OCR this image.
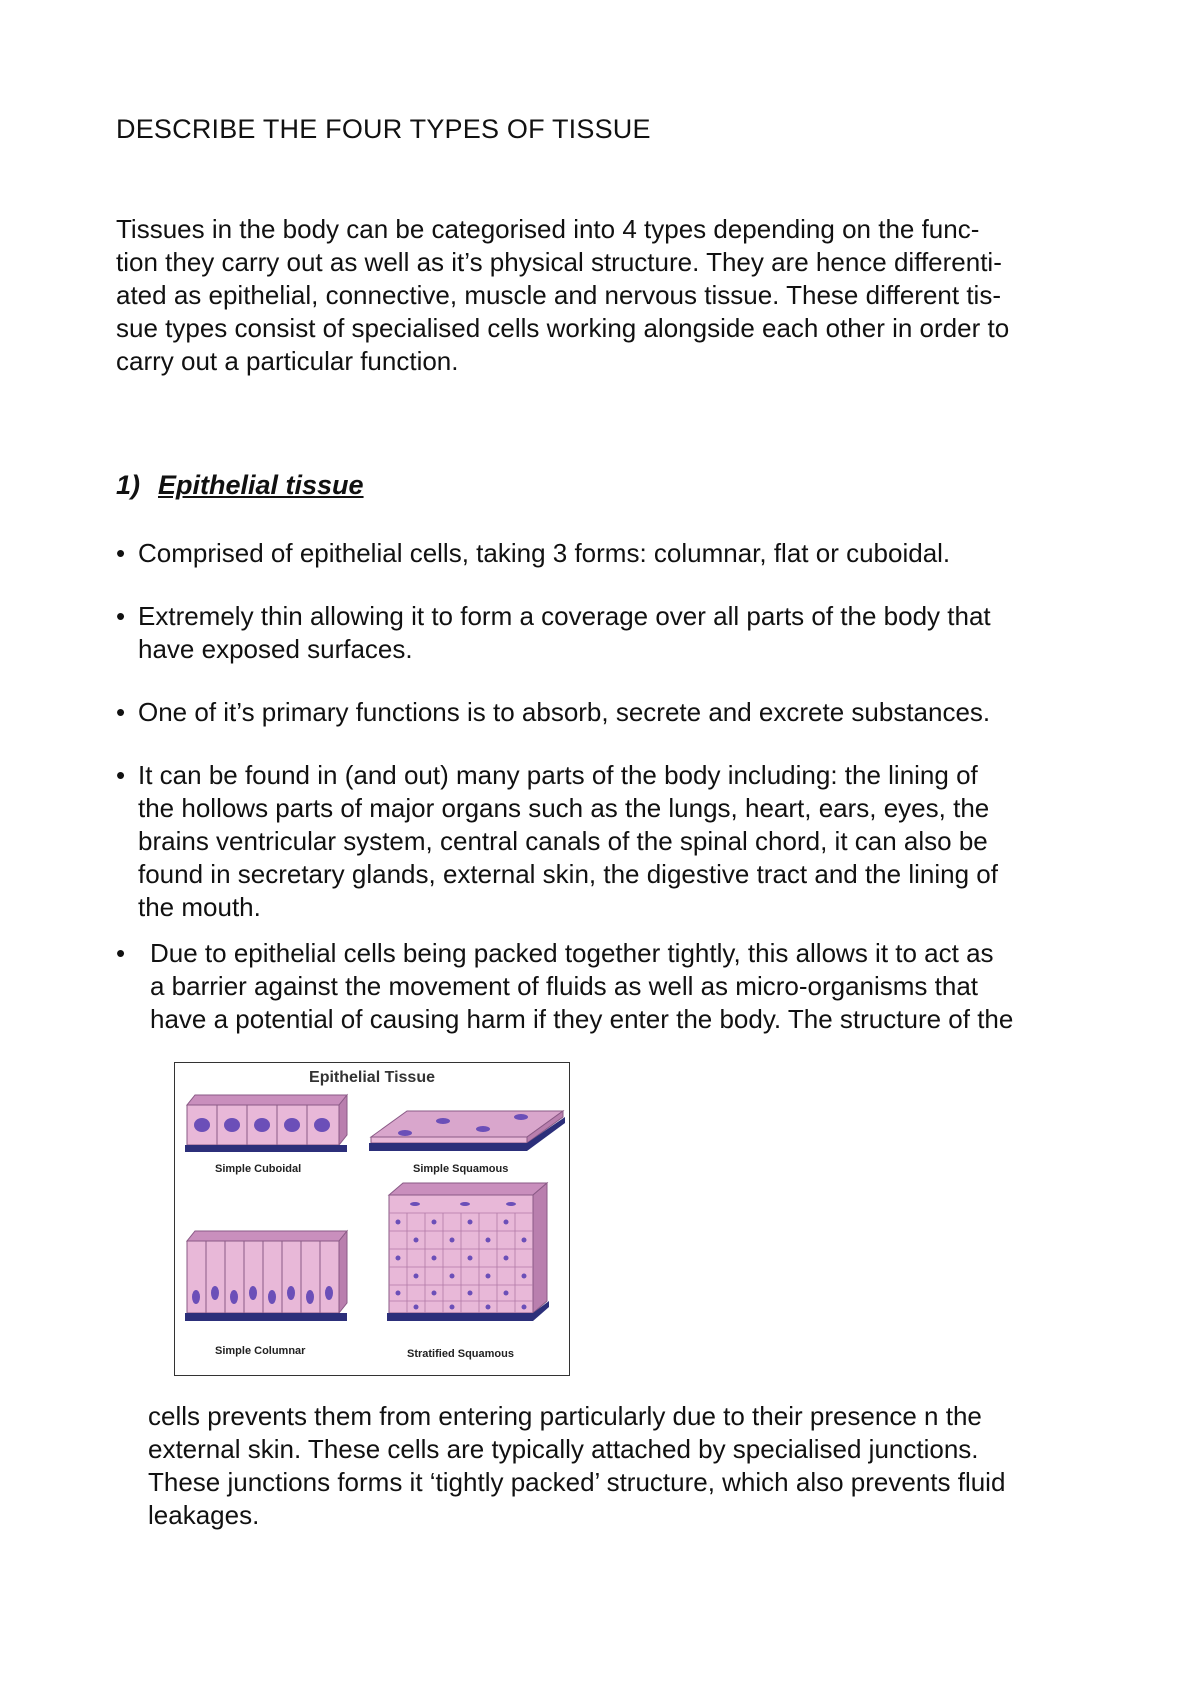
DESCRIBE THE FOUR TYPES OF TISSUE
Tissues in the body can be categorised into 4 types depending on the func-
tion they carry out as well as it’s physical structure. They are hence differenti-
ated as epithelial, connective, muscle and nervous tissue. These different tis-
sue types consist of specialised cells working alongside each other in order to
carry out a particular function.
1) Epithelial tissue
• Comprised of epithelial cells, taking 3 forms: columnar, flat or cuboidal.
• Extremely thin allowing it to form a coverage over all parts of the body that
have exposed surfaces.
• One of it’s primary functions is to absorb, secrete and excrete substances.
• It can be found in (and out) many parts of the body including: the lining of
the hollows parts of major organs such as the lungs, heart, ears, eyes, the
brains ventricular system, central canals of the spinal chord, it can also be
found in secretary glands, external skin, the digestive tract and the lining of
the mouth.
• Due to epithelial cells being packed together tightly, this allows it to act as
a barrier against the movement of fluids as well as micro-organisms that
have a potential of causing harm if they enter the body. The structure of the
Epithelial Tissue
Simple Cuboidal	Simple Squamous
Simple Columnar	Stratified Squamous
cells prevents them from entering particularly due to their presence n the
external skin. These cells are typically attached by specialised junctions.
These junctions forms it ‘tightly packed’ structure, which also prevents fluid
leakages.
